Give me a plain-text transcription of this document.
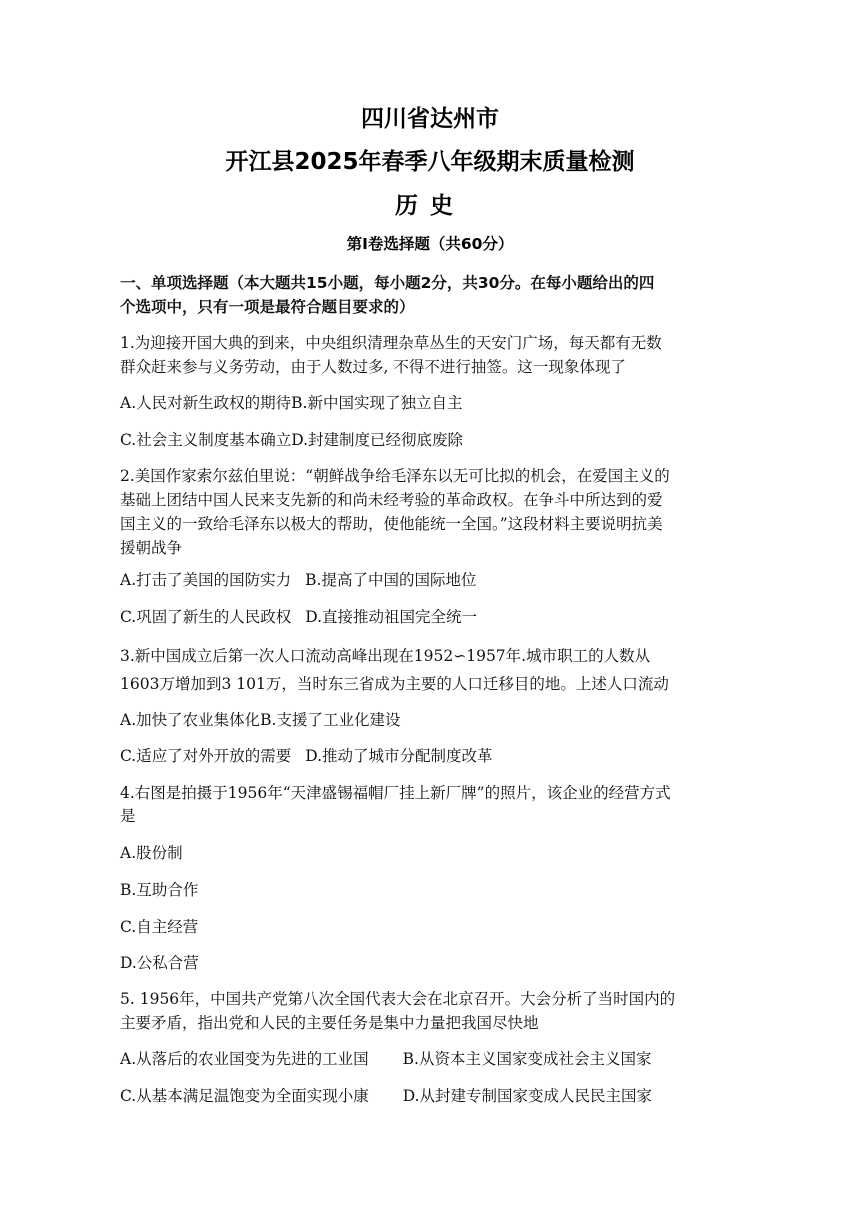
四川省达州市
开江县2025年春季八年级期末质量检测
历史
第I卷选择题（共60分）
一、单项选择题（本大题共15小题，每小题2分，共30分。在每小题给出的四
个选项中，只有一项是最符合题目要求的）
1.为迎接开国大典的到来，中央组织清理杂草丛生的天安门广场，每天都有无数
群众赶来参与义务劳动，由于人数过多, 不得不进行抽签。这一现象体现了
A.人民对新生政权的期待B.新中国实现了独立自主
C.社会主义制度基本确立D.封建制度已经彻底废除
2.美国作家索尔兹伯里说：“朝鲜战争给毛泽东以无可比拟的机会，在爱国主义的
基础上团结中国人民来支先新的和尚未经考验的革命政权。在争斗中所达到的爱
国主义的一致给毛泽东以极大的帮助，使他能统一全国。”这段材料主要说明抗美
援朝战争
A.打击了美国的国防实力 B.提高了中国的国际地位
C.巩固了新生的人民政权 D.直接推动祖国完全统一
3.新中国成立后第一次人口流动高峰出现在1952∽1957年.城市职工的人数从
1603万增加到3 101万，当时东三省成为主要的人口迁移目的地。上述人口流动
A.加快了农业集体化B.支援了工业化建设
C.适应了对外开放的需要 D.推动了城市分配制度改革
4.右图是拍摄于1956年“天津盛锡福帽厂挂上新厂牌”的照片，该企业的经营方式
是
A.股份制
B.互助合作
C.自主经营
D.公私合营
5. 1956年，中国共产党第八次全国代表大会在北京召开。大会分析了当时国内的
主要矛盾，指出党和人民的主要任务是集中力量把我国尽快地
A.从落后的农业国变为先进的工业国 B.从资本主义国家变成社会主义国家
C.从基本满足温饱变为全面实现小康 D.从封建专制国家变成人民民主国家
